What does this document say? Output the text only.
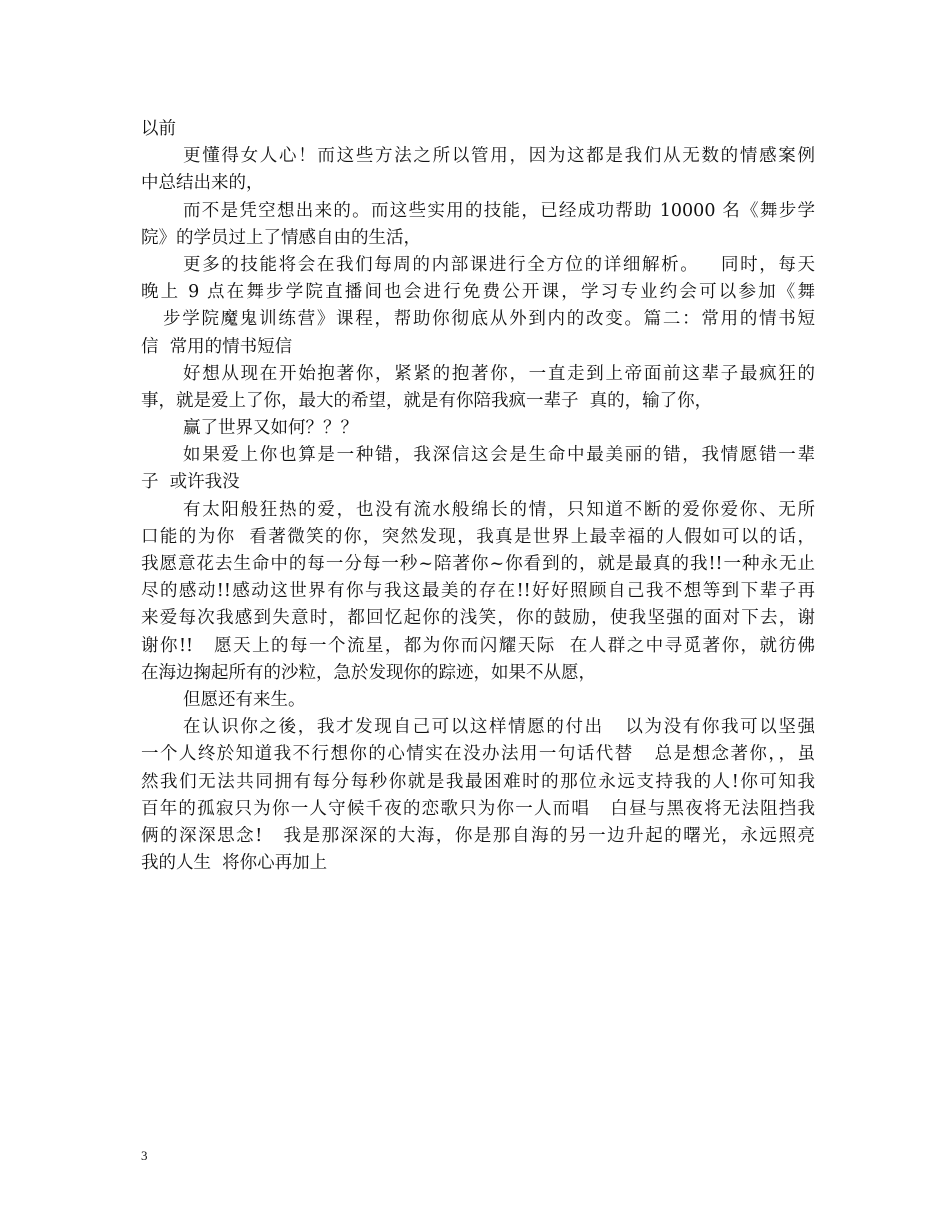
以前
更懂得女人心！而这些方法之所以管用，因为这都是我们从无数的情感案例
中总结出来的，
而不是凭空想出来的。而这些实用的技能，已经成功帮助 10000 名《舞步学
院》的学员过上了情感自由的生活，
更多的技能将会在我们每周的内部课进行全方位的详细解析。   同时，每天
晚上 9 点在舞步学院直播间也会进行免费公开课，学习专业约会可以参加《舞
步学院魔鬼训练营》课程，帮助你彻底从外到内的改变。篇二：常用的情书短
信  常用的情书短信
好想从现在开始抱著你，紧紧的抱著你，一直走到上帝面前这辈子最疯狂的
事，就是爱上了你，最大的希望，就是有你陪我疯一辈子  真的，输了你，
赢了世界又如何？？？
如果爱上你也算是一种错，我深信这会是生命中最美丽的错，我情愿错一辈
子  或许我没
有太阳般狂热的爱，也没有流水般绵长的情，只知道不断的爱你爱你、无所
口能的为你  看著微笑的你，突然发现，我真是世界上最幸福的人假如可以的话，
我愿意花去生命中的每一分每一秒~陪著你~你看到的，就是最真的我!!一种永无止
尽的感动!!感动这世界有你与我这最美的存在!!好好照顾自己我不想等到下辈子再
来爱每次我感到失意时，都回忆起你的浅笑，你的鼓励，使我坚强的面对下去，谢
谢你!!   愿天上的每一个流星，都为你而闪耀天际  在人群之中寻觅著你，就彷佛
在海边掬起所有的沙粒，急於发现你的踪迹，如果不从愿，
但愿还有来生。
在认识你之後，我才发现自己可以这样情愿的付出   以为没有你我可以坚强
一个人终於知道我不行想你的心情实在没办法用一句话代替   总是想念著你，，虽
然我们无法共同拥有每分每秒你就是我最困难时的那位永远支持我的人!你可知我
百年的孤寂只为你一人守候千夜的恋歌只为你一人而唱   白昼与黑夜将无法阻挡我
俩的深深思念!   我是那深深的大海，你是那自海的另一边升起的曙光，永远照亮
我的人生  将你心再加上
3
